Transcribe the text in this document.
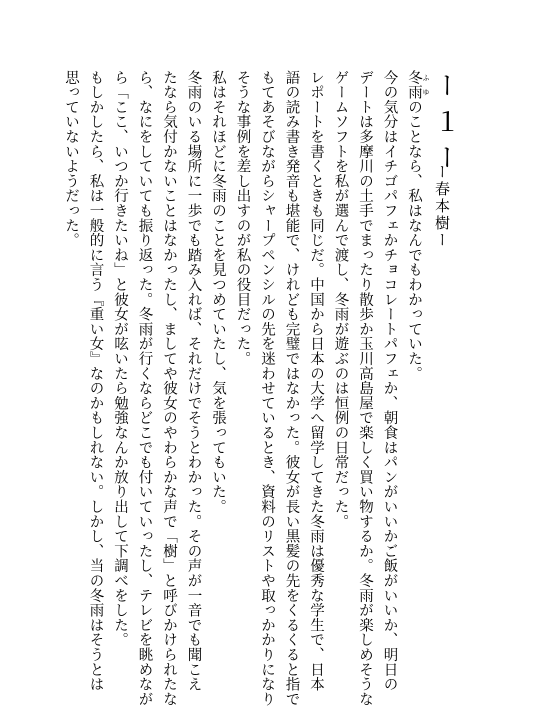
ー１ー
ー春本樹ー
冬雨 ふゆのことなら、私はなんでもわかっていた。
今の気分はイチゴパフェかチョコレートパフェか、朝食はパンがいいかご飯がいいか、明日の
デートは多摩川の土手でまったり散歩か玉川高島屋で楽しく買い物するか。冬雨が楽しめそうな
ゲームソフトを私が選んで渡し、冬雨が遊ぶのは恒例の日常だった。
レポートを書くときも同じだ。中国から日本の大学へ留学してきた冬雨は優秀な学生で、日本
語の読み書き発音も堪能で、けれども完璧ではなかった。彼女が長い黒髪の先をくるくると指で
もてあそびながらシャープペンシルの先を迷わせているとき、資料のリストや取っかかりになり
そうな事例を差し出すのが私の役目だった。
私はそれほどに冬雨のことを見つめていたし、気を張ってもいた。
冬雨のいる場所に一歩でも踏み入れば、それだけでそうとわかった。その声が一音でも聞こえ
たなら気付かないことはなかったし、ましてや彼女のやわらかな声で「樹」と呼びかけられたな
ら、なにをしていても振り返った。冬雨が行くならどこでも付いていったし、テレビを眺めなが
ら「ここ、いつか行きたいね」と彼女が呟いたら勉強なんか放り出して下調べをした。
もしかしたら、私は一般的に言う『重い女』なのかもしれない。しかし、当の冬雨はそうとは
思っていないようだった。
